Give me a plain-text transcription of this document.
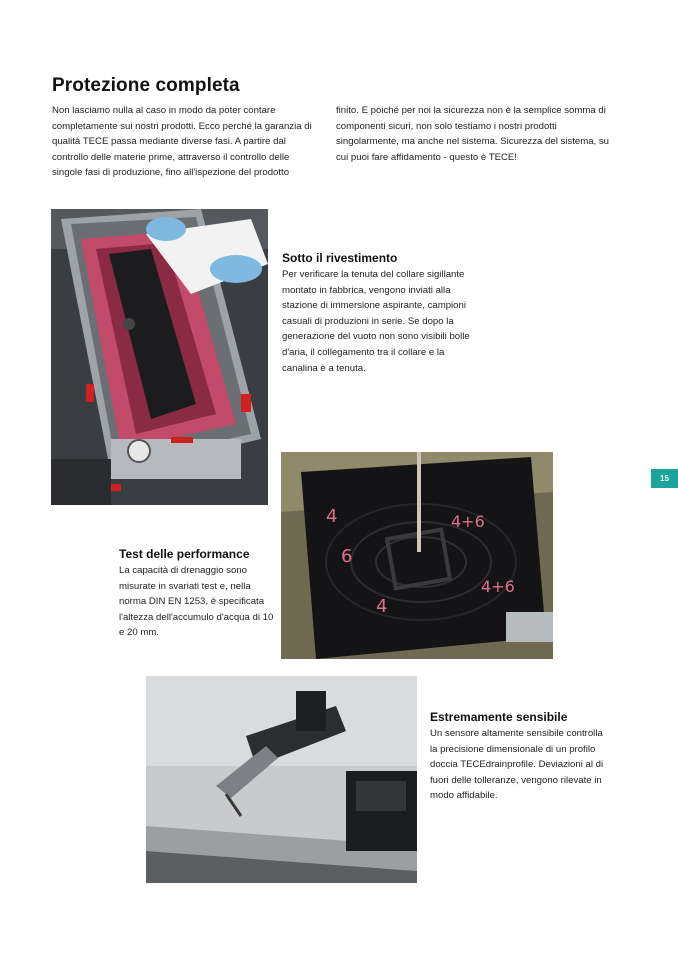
Protezione completa

Non lasciamo nulla al caso in modo da poter contare completamente sui nostri prodotti. Ecco perché la garanzia di qualità TECE passa mediante diverse fasi. A partire dal controllo delle materie prime, attraverso il controllo delle singole fasi di produzione, fino all'ispezione del prodotto

finito. E poiché per noi la sicurezza non è la semplice somma di componenti sicuri, non solo testiamo i nostri prodotti singolarmente, ma anche nel sistema. Sicurezza del sistema, su cui puoi fare affidamento - questo è TECE!

Sotto il rivestimento

Per verificare la tenuta del collare sigillante montato in fabbrica, vengono inviati alla stazione di immersione aspirante, campioni casuali di produzioni in serie. Se dopo la generazione del vuoto non sono visibili bolle d'aria, il collegamento tra il collare e la canalina è a tenuta.

4
6
4
4+6
4+6
Test delle performance

La capacità di drenaggio sono misurate in svariati test e, nella norma DIN EN 1253, è specificata l'altezza dell'accumulo d'acqua di 10 e 20 mm.

Estremamente sensibile

Un sensore altamente sensibile controlla la precisione dimensionale di un profilo doccia TECEdrainprofile. Deviazioni al di fuori delle tolleranze, vengono rilevate in modo affidabile.

15
